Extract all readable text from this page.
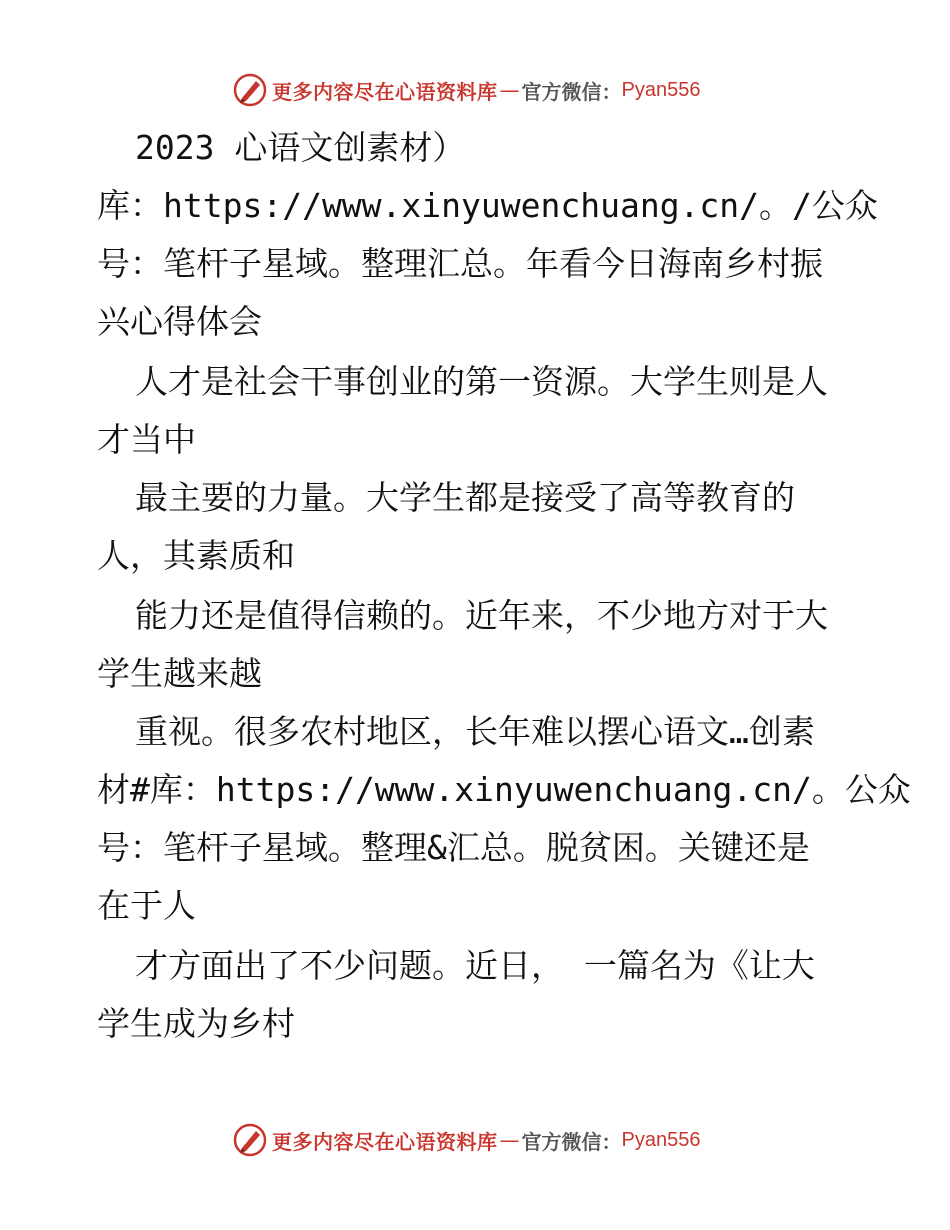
更多内容尽在心语资料库 — 官方微信： Pyan556
2023 心语文创素材）
库：https://www.xinyuwenchuang.cn/。/公众
号：笔杆子星域。整理汇总。年看今日海南乡村振
兴心得体会
人才是社会干事创业的第一资源。大学生则是人
才当中
最主要的力量。大学生都是接受了高等教育的
人，其素质和
能力还是值得信赖的。近年来，不少地方对于大
学生越来越
重视。很多农村地区，长年难以摆心语文…创素
材#库：https://www.xinyuwenchuang.cn/。公众
号：笔杆子星域。整理&汇总。脱贫困。关键还是
在于人
才方面出了不少问题。近日， 一篇名为《让大
学生成为乡村
更多内容尽在心语资料库 — 官方微信： Pyan556
